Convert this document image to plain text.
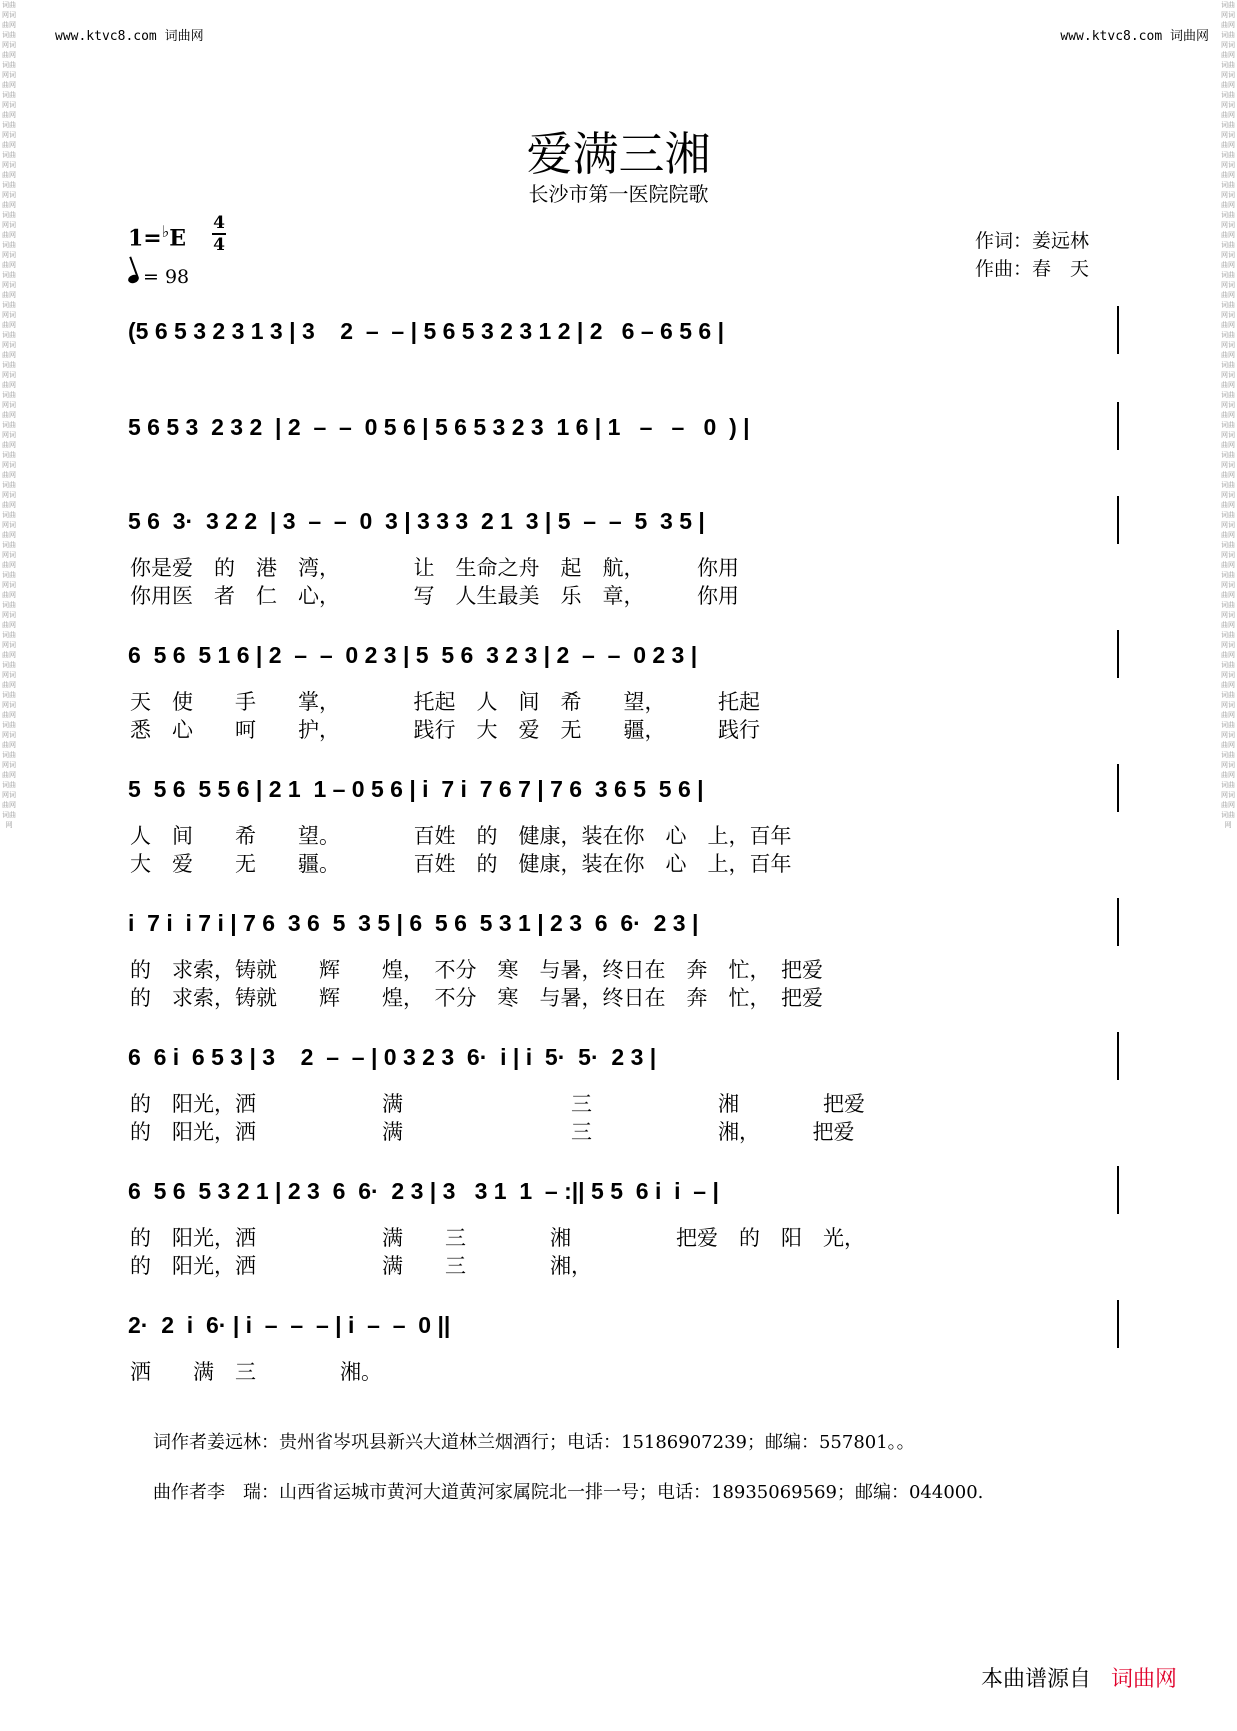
词曲网词曲网词曲网词曲网词曲网词曲网词曲网词曲网词曲网词曲网词曲网词曲网词曲网词曲网词曲网词曲网词曲网词曲网词曲网词曲网词曲网词曲网词曲网词曲网词曲网词曲网词曲网词曲网词曲网词曲网词曲网词曲网词曲网词曲网词曲网词曲网词曲网词曲网词曲网词曲网词曲网词曲网词曲网词曲网词曲网词曲网词曲网词曲网词曲网词曲网词曲网词曲网词曲网词曲网词曲网
词曲网词曲网词曲网词曲网词曲网词曲网词曲网词曲网词曲网词曲网词曲网词曲网词曲网词曲网词曲网词曲网词曲网词曲网词曲网词曲网词曲网词曲网词曲网词曲网词曲网词曲网词曲网词曲网词曲网词曲网词曲网词曲网词曲网词曲网词曲网词曲网词曲网词曲网词曲网词曲网词曲网词曲网词曲网词曲网词曲网词曲网词曲网词曲网词曲网词曲网词曲网词曲网词曲网词曲网词曲网
www.ktvc8.com 词曲网	www.ktvc8.com 词曲网
爱满三湘
长沙市第一医院院歌
1=♭E
4
4
= 98
作词：姜远林
作曲：春　天
(5 6 5 3 2 3 1 3 | 3    2  –  – | 5 6 5 3 2 3 1 2 | 2   6 – 6 5 6 |
5 6 5 3  2 3 2  | 2  –  –  0 5 6 | 5 6 5 3 2 3  1 6 | 1   –   –   0  ) |
5 6  3·  3 2 2  | 3  –  –  0  3 | 3 3 3  2 1  3 | 5  –  –  5  3 5 |
你是爱　的　港　湾，　　　　让　生命之舟　起　航，　　　你用
你用医　者　仁　心，　　　　写　人生最美　乐　章，　　　你用
6  5 6  5 1 6 | 2  –  –  0 2 3 | 5  5 6  3 2 3 | 2  –  –  0 2 3 |
天　使　　手　　掌，　　　　托起　人　间　希　　望，　　　托起
悉　心　　呵　　护，　　　　践行　大　爱　无　　疆，　　　践行
5  5 6  5 5 6 | 2 1  1 – 0 5 6 | i  7 i  7 6 7 | 7 6  3 6 5  5 6 |
人　间　　希　　望。　　　　百姓　的　健康，装在你　心　上，百年
大　爱　　无　　疆。　　　　百姓　的　健康，装在你　心　上，百年
i  7 i  i 7 i | 7 6  3 6  5  3 5 | 6  5 6  5 3 1 | 2 3  6  6·  2 3 |
的　求索，铸就　　辉　　煌，　不分　寒　与暑，终日在　奔　忙，　把爱
的　求索，铸就　　辉　　煌，　不分　寒　与暑，终日在　奔　忙，　把爱
6  6 i  6 5 3 | 3    2  –  – | 0 3 2 3  6·  i | i  5·  5·  2 3 |
的　阳光，洒　　　　　　满　　　　　　　　三　　　　　　湘　　　　把爱
的　阳光，洒　　　　　　满　　　　　　　　三　　　　　　湘，　　　把爱
6  5 6  5 3 2 1 | 2 3  6  6·  2 3 | 3   3 1  1  – :|| 5 5  6 i  i  – |
的　阳光，洒　　　　　　满　　三　　　　湘　　　　　把爱　的　阳　光，
的　阳光，洒　　　　　　满　　三　　　　湘，
2·  2  i  6· | i  –  –  – | i  –  –  0 ||
洒　　满　三　　　　湘。
词作者姜远林：贵州省岑巩县新兴大道林兰烟酒行；电话：15186907239；邮编：557801。。
曲作者李　瑞：山西省运城市黄河大道黄河家属院北一排一号；电话：18935069569；邮编：044000.
本曲谱源自 词曲网
